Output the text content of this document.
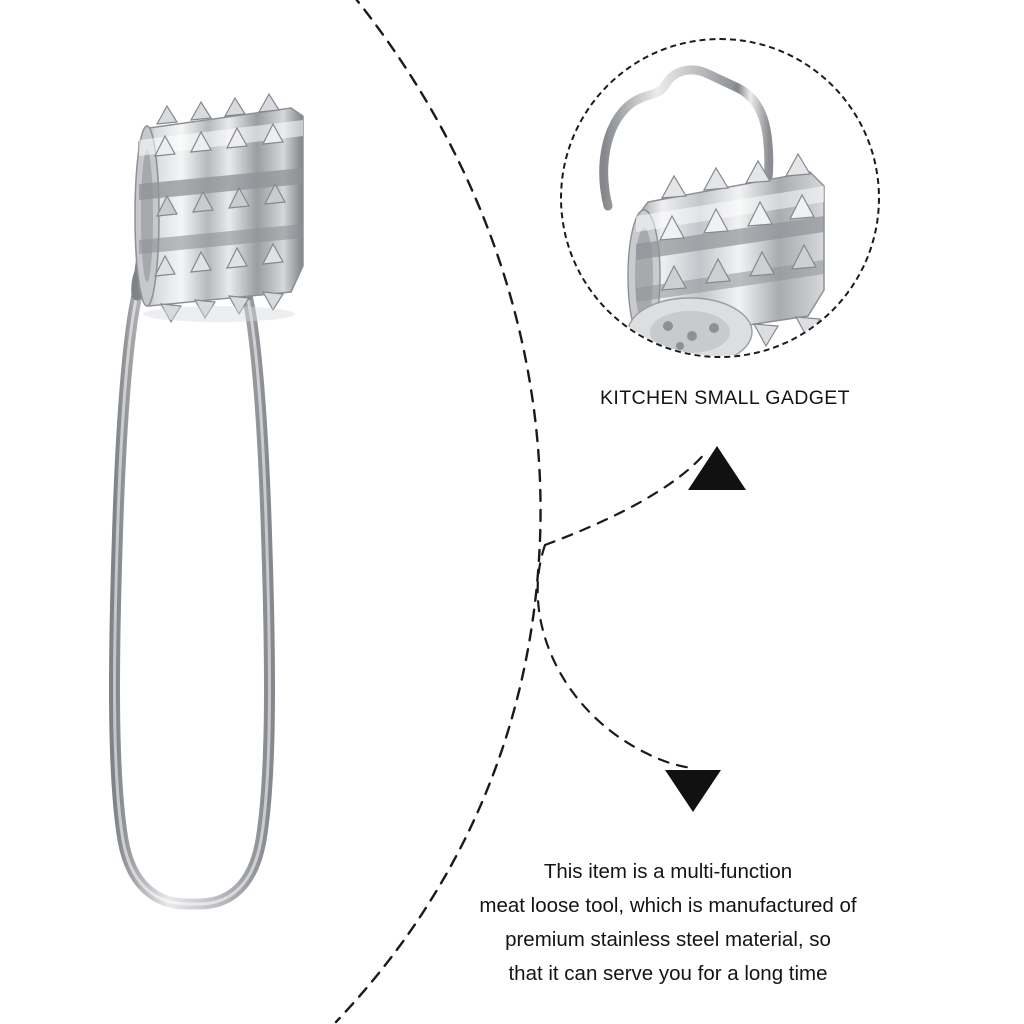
KITCHEN SMALL GADGET
This item is a multi-function
meat loose tool, which is manufactured of
premium stainless steel material, so
that it can serve you for a long time
